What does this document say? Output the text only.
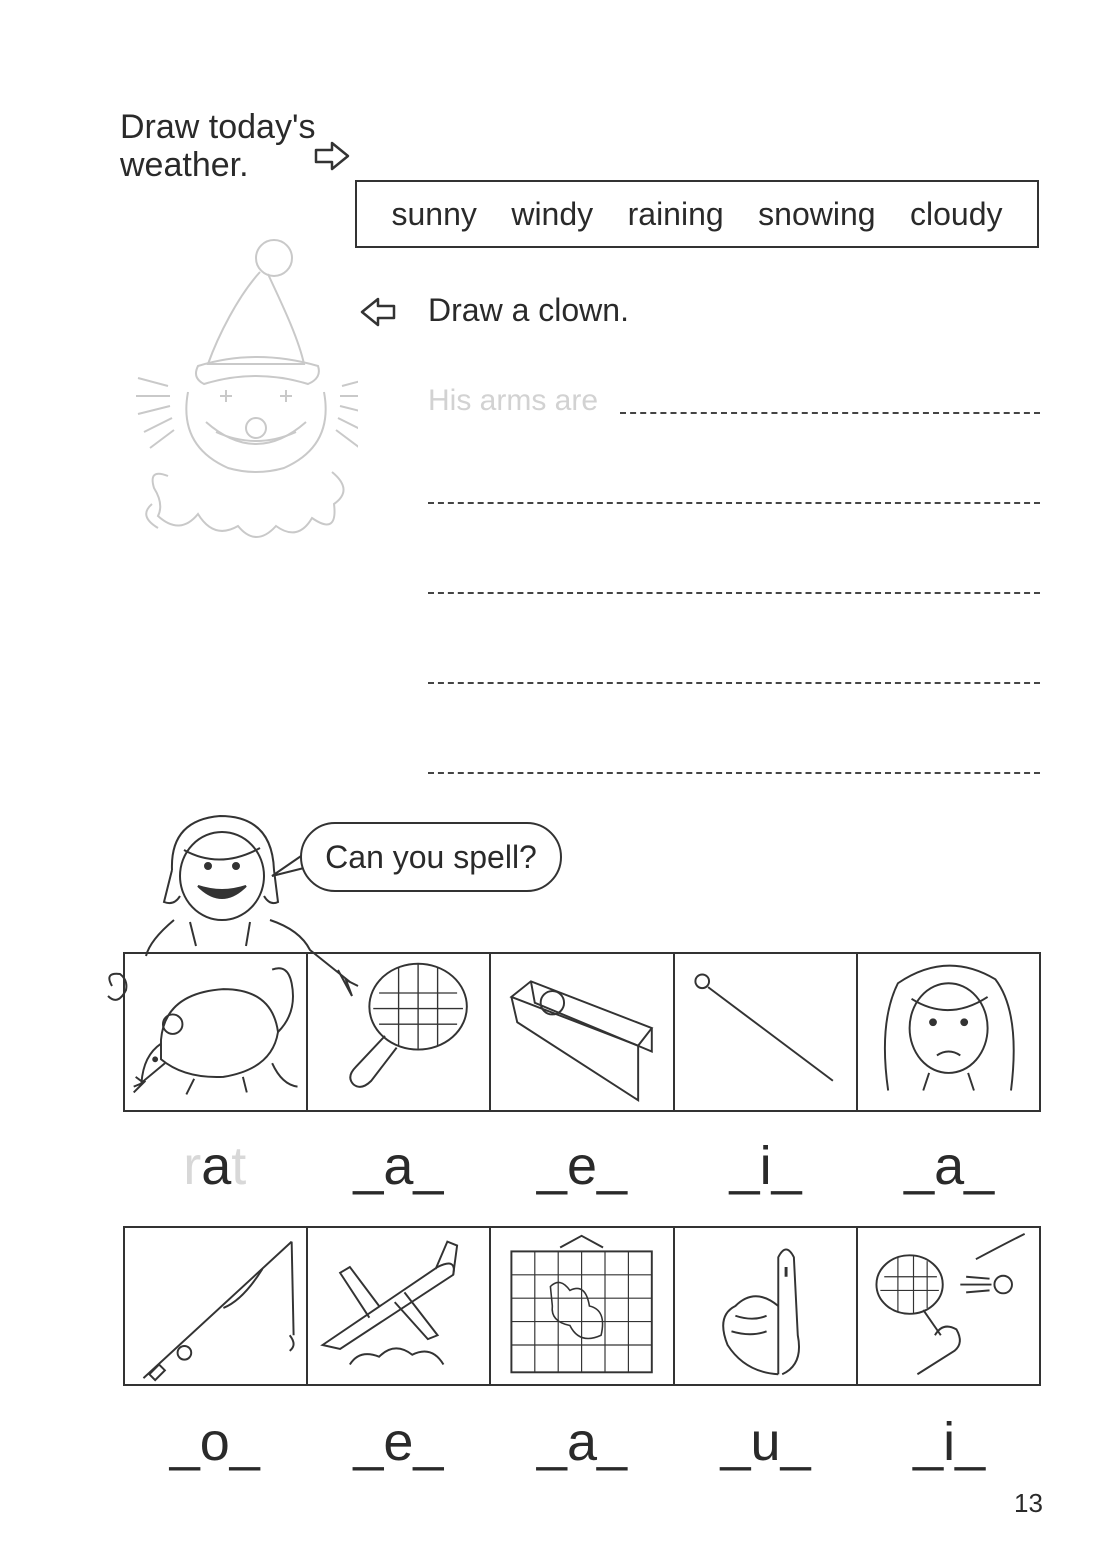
Draw today's weather.
sunny windy raining snowing cloudy
Draw a clown.
His arms are
Can you spell?
rat	_a_	_e_	_i_	_a_
_o_	_e_	_a_	_u_	_i_
13
